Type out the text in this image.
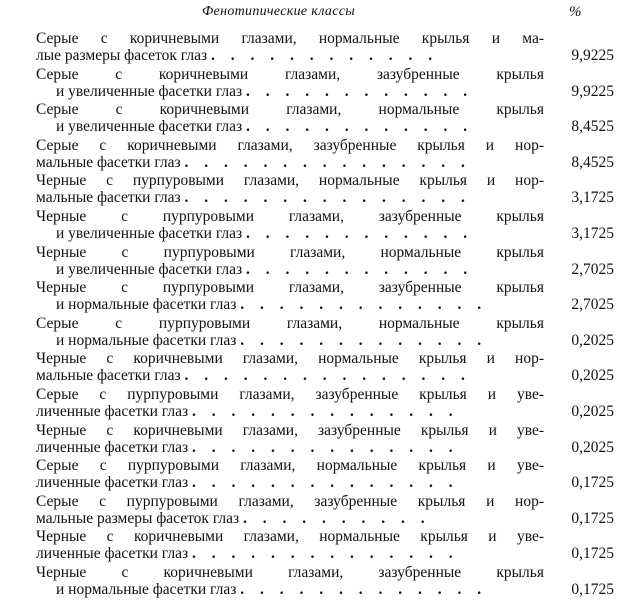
Фенотипические классы	%
Серые с коричневыми глазами, нормальные крылья и ма-
лые размеры фасеток глаз . . . . . . . . . . . .	9,9225
Серые с коричневыми глазами, зазубренные крылья
и увеличенные фасетки глаз . . . . . . . . . . . .	9,9225
Серые с коричневыми глазами, нормальные крылья
и увеличенные фасетки глаз . . . . . . . . . . . .	8,4525
Серые с коричневыми глазами, зазубренные крылья и нор-
мальные фасетки глаз . . . . . . . . . . . . . . .	8,4525
Черные с пурпуровыми глазами, нормальные крылья и нор-
мальные фасетки глаз . . . . . . . . . . . . . . .	3,1725
Черные с пурпуровыми глазами, зазубренные крылья
и увеличенные фасетки глаз . . . . . . . . . . . .	3,1725
Черные с пурпуровыми глазами, нормальные крылья
и увеличенные фасетки глаз . . . . . . . . . . . .	2,7025
Черные с пурпуровыми глазами, зазубренные крылья
и нормальные фасетки глаз . . . . . . . . . . . . .	2,7025
Серые с пурпуровыми глазами, нормальные крылья
и нормальные фасетки глаз . . . . . . . . . . . . .	0,2025
Черные с коричневыми глазами, нормальные крылья и нор-
мальные фасетки глаз . . . . . . . . . . . . . . .	0,2025
Серые с пурпуровыми глазами, зазубренные крылья и уве-
личенные фасетки глаз . . . . . . . . . . . . . .	0,2025
Черные с коричневыми глазами, зазубренные крылья и уве-
личенные фасетки глаз . . . . . . . . . . . . . .	0,2025
Серые с пурпуровыми глазами, нормальные крылья и уве-
личенные фасетки глаз . . . . . . . . . . . . . .	0,1725
Серые с пурпуровыми глазами, зазубренные крылья и нор-
мальные размеры фасеток глаз . . . . . . . . . .	0,1725
Черные с коричневыми глазами, нормальные крылья и уве-
личенные фасетки глаз . . . . . . . . . . . . . .	0,1725
Черные с коричневыми глазами, зазубренные крылья
и нормальные фасетки глаз . . . . . . . . . . . . .	0,1725
